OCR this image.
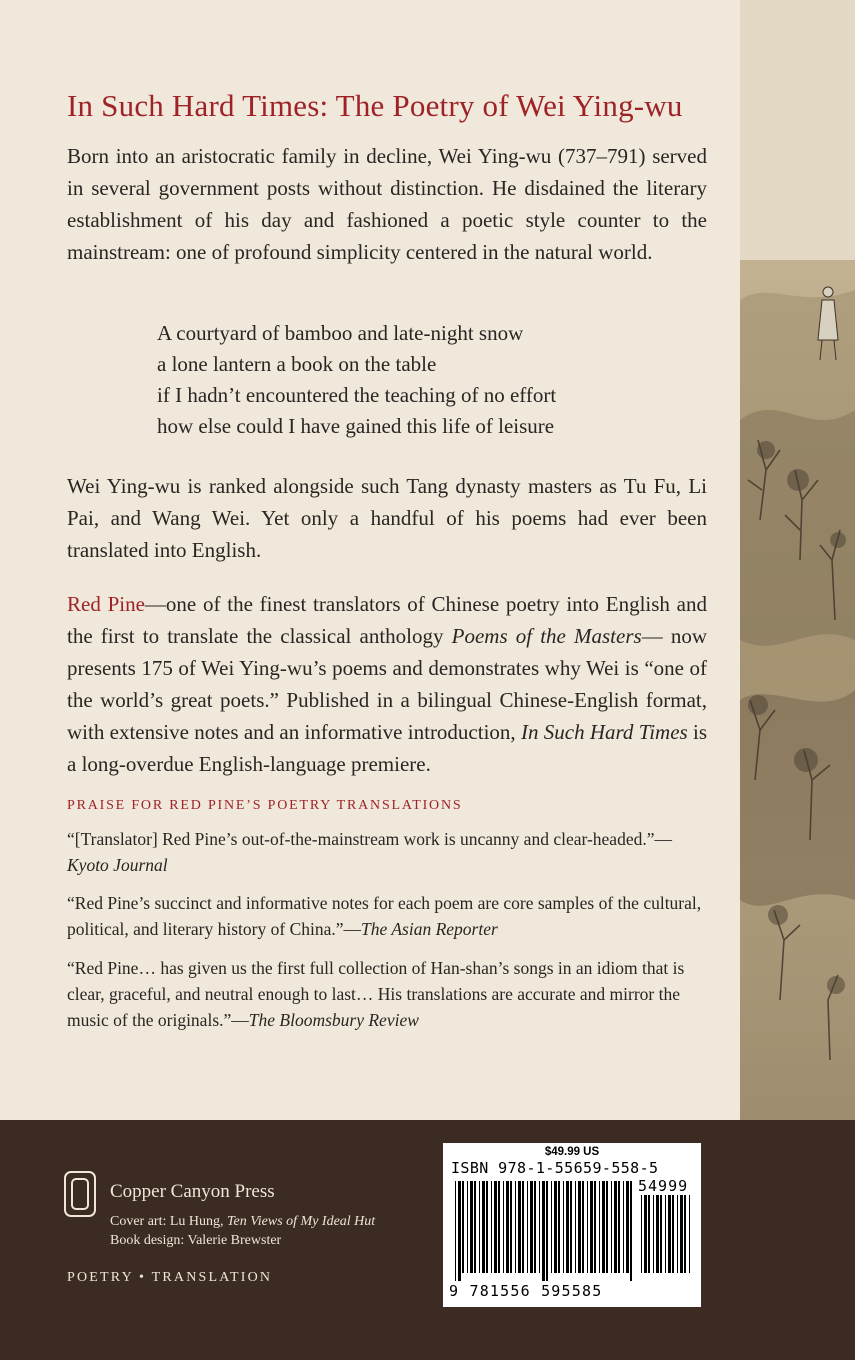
In Such Hard Times: The Poetry of Wei Ying-wu
Born into an aristocratic family in decline, Wei Ying-wu (737–791) served in several government posts without distinction. He disdained the literary establishment of his day and fashioned a poetic style counter to the mainstream: one of profound simplicity centered in the natural world.
A courtyard of bamboo and late-night snow
a lone lantern a book on the table
if I hadn’t encountered the teaching of no effort
how else could I have gained this life of leisure
Wei Ying-wu is ranked alongside such Tang dynasty masters as Tu Fu, Li Pai, and Wang Wei. Yet only a handful of his poems had ever been translated into English.
Red Pine—one of the finest translators of Chinese poetry into English and the first to translate the classical anthology Poems of the Masters— now presents 175 of Wei Ying-wu’s poems and demonstrates why Wei is “one of the world’s great poets.” Published in a bilingual Chinese-English format, with extensive notes and an informative introduction, In Such Hard Times is a long-overdue English-language premiere.
PRAISE FOR RED PINE’S POETRY TRANSLATIONS
“[Translator] Red Pine’s out-of-the-mainstream work is uncanny and clear-headed.”—Kyoto Journal
“Red Pine’s succinct and informative notes for each poem are core samples of the cultural, political, and literary history of China.”—The Asian Reporter
“Red Pine… has given us the first full collection of Han-shan’s songs in an idiom that is clear, graceful, and neutral enough to last… His translations are accurate and mirror the music of the originals.”—The Bloomsbury Review
Copper Canyon Press
Cover art: Lu Hung, Ten Views of My Ideal Hut
Book design: Valerie Brewster
POETRY • TRANSLATION
$49.99 US
ISBN 978-1-55659-558-5
54999
9 781556 595585
